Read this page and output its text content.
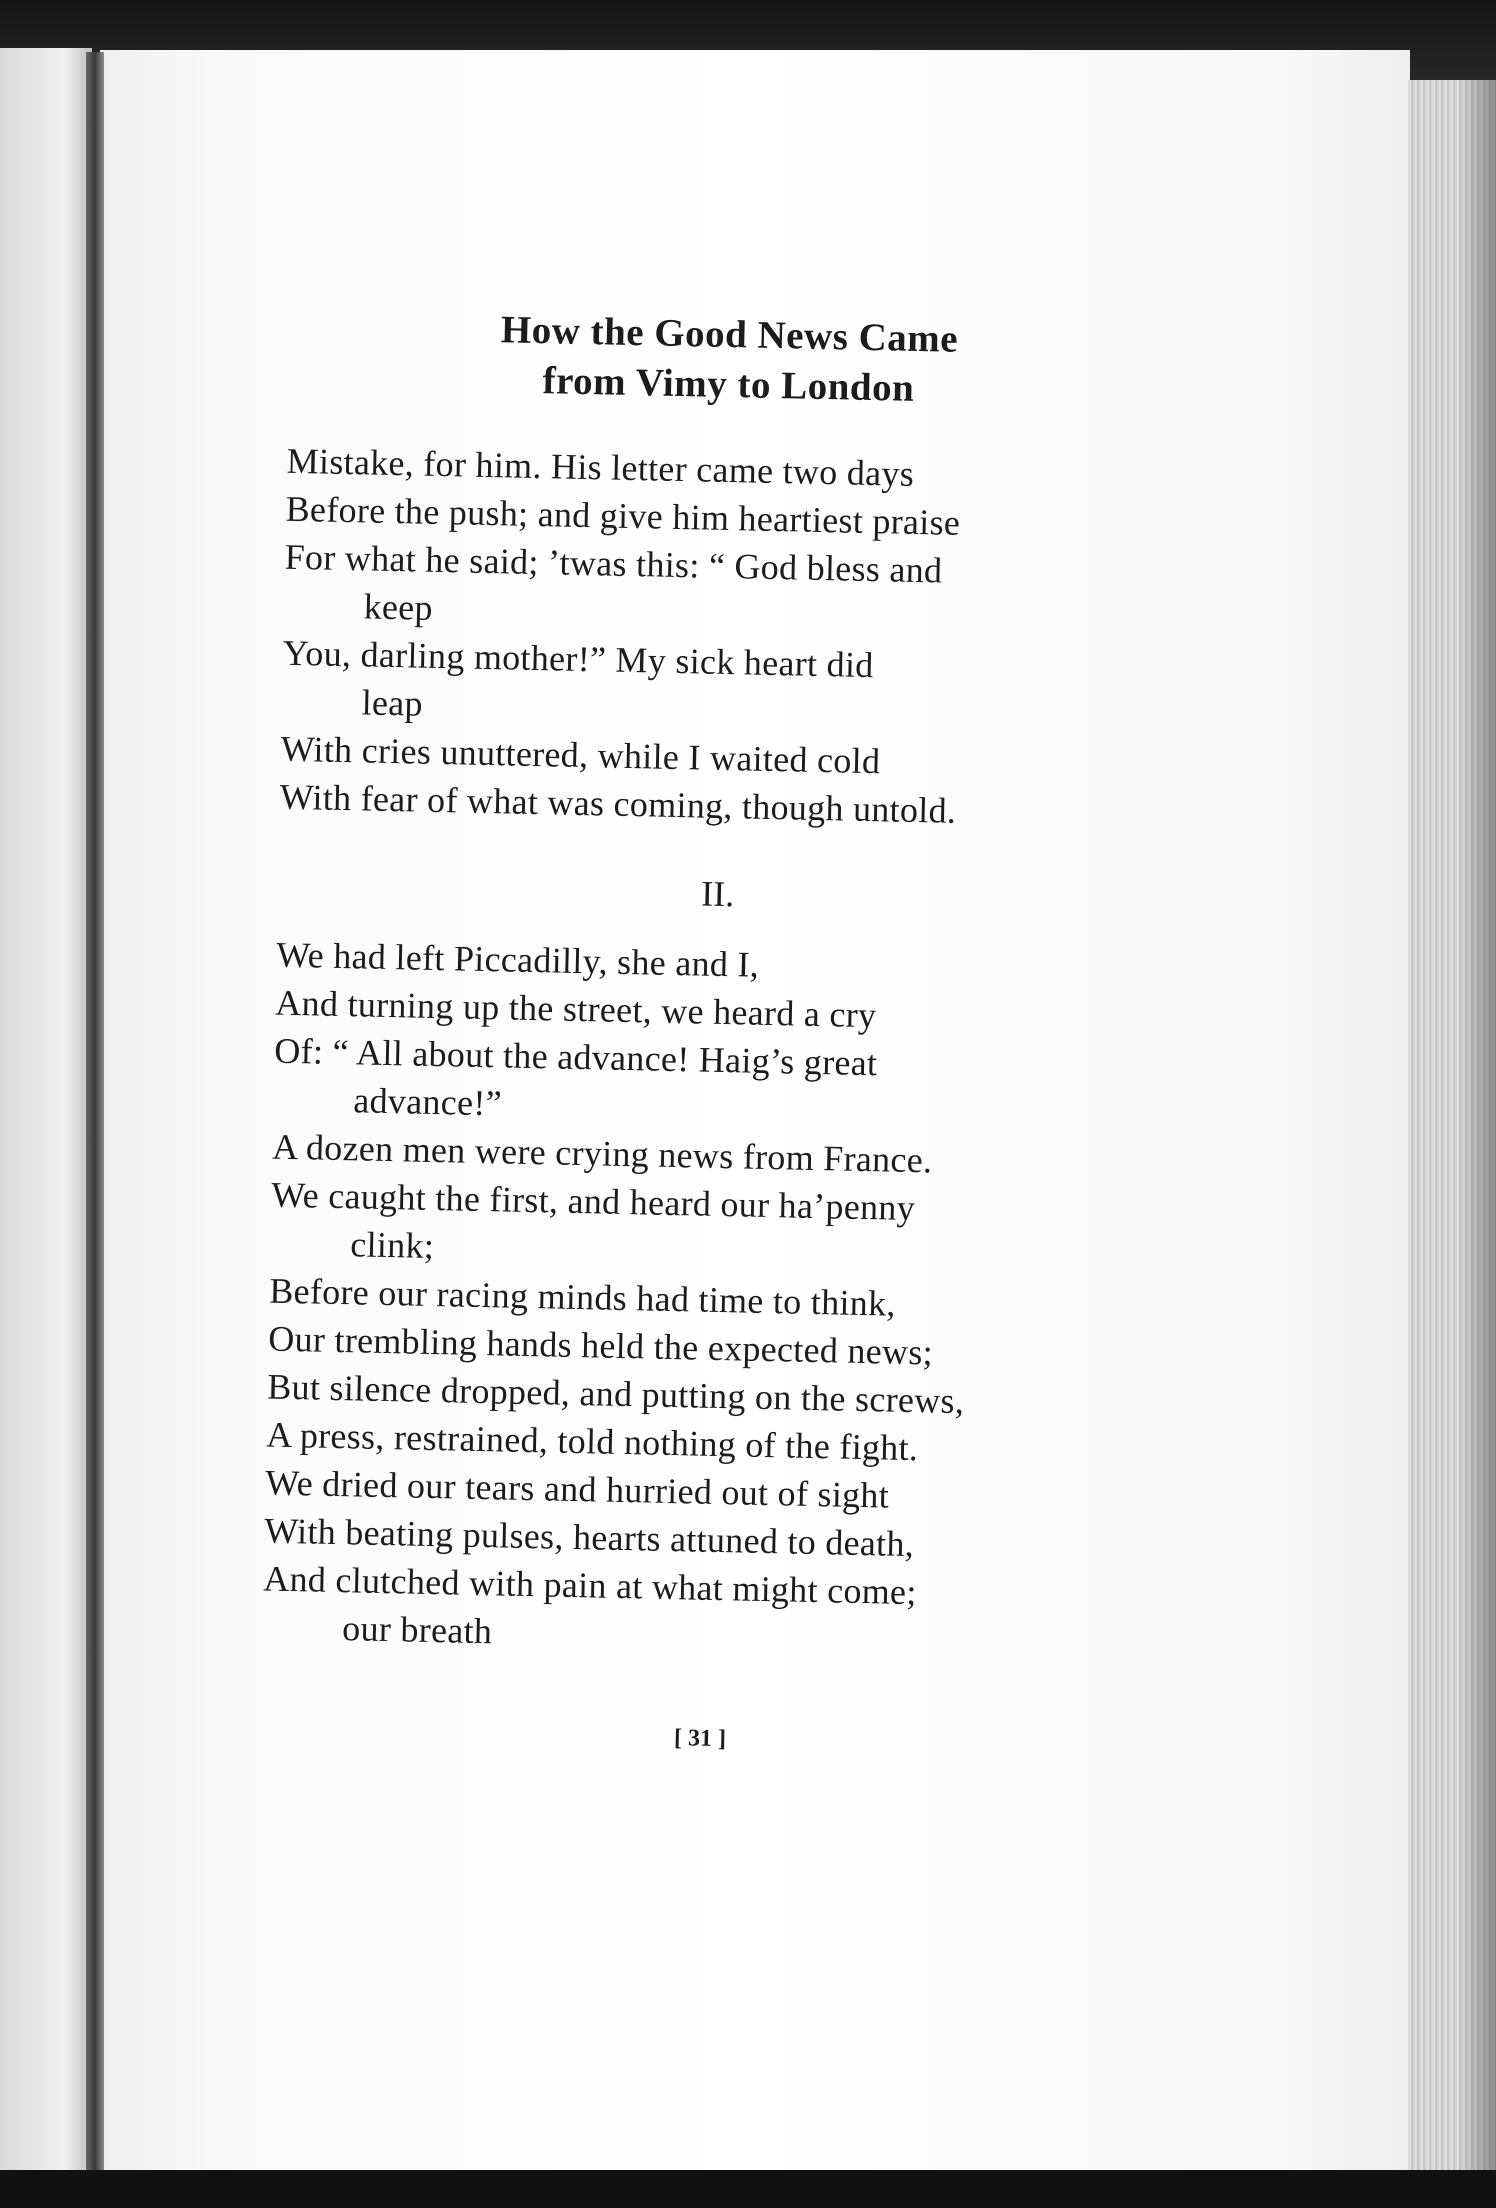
How the Good News Came
from Vimy to London
Mistake, for him. His letter came two days
Before the push; and give him heartiest praise
For what he said; ’twas this: “ God bless and
keep
You, darling mother!” My sick heart did
leap
With cries unuttered, while I waited cold
With fear of what was coming, though untold.
II.
We had left Piccadilly, she and I,
And turning up the street, we heard a cry
Of: “ All about the advance! Haig’s great
advance!”
A dozen men were crying news from France.
We caught the first, and heard our ha’penny
clink;
Before our racing minds had time to think,
Our trembling hands held the expected news;
But silence dropped, and putting on the screws,
A press, restrained, told nothing of the fight.
We dried our tears and hurried out of sight
With beating pulses, hearts attuned to death,
And clutched with pain at what might come;
our breath
[ 31 ]
